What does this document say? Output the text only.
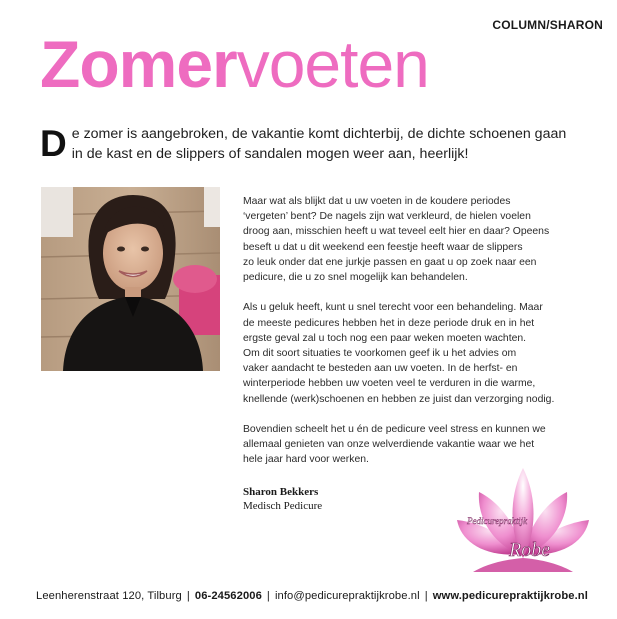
COLUMN/SHARON
Zomervoeten

De zomer is aangebroken, de vakantie komt dichterbij, de dichte schoenen gaan in de kast en de slippers of sandalen mogen weer aan, heerlijk!

Maar wat als blijkt dat u uw voeten in de koudere periodes
‘vergeten’ bent? De nagels zijn wat verkleurd, de hielen voelen
droog aan, misschien heeft u wat teveel eelt hier en daar? Opeens
beseft u dat u dit weekend een feestje heeft waar de slippers
zo leuk onder dat ene jurkje passen en gaat u op zoek naar een
pedicure, die u zo snel mogelijk kan behandelen.

Als u geluk heeft, kunt u snel terecht voor een behandeling. Maar
de meeste pedicures hebben het in deze periode druk en in het
ergste geval zal u toch nog een paar weken moeten wachten.
Om dit soort situaties te voorkomen geef ik u het advies om
vaker aandacht te besteden aan uw voeten. In de herfst- en
winterperiode hebben uw voeten veel te verduren in die warme,
knellende (werk)schoenen en hebben ze juist dan verzorging nodig.

Bovendien scheelt het u én de pedicure veel stress en kunnen we
allemaal genieten van onze welverdiende vakantie waar we het
hele jaar hard voor werken.

Sharon Bekkers
Medisch Pedicure
Pedicurepraktijk
Robe
Leenherenstraat 120, Tilburg | 06-24562006 | info@pedicurepraktijkrobe.nl | www.pedicurepraktijkrobe.nl
